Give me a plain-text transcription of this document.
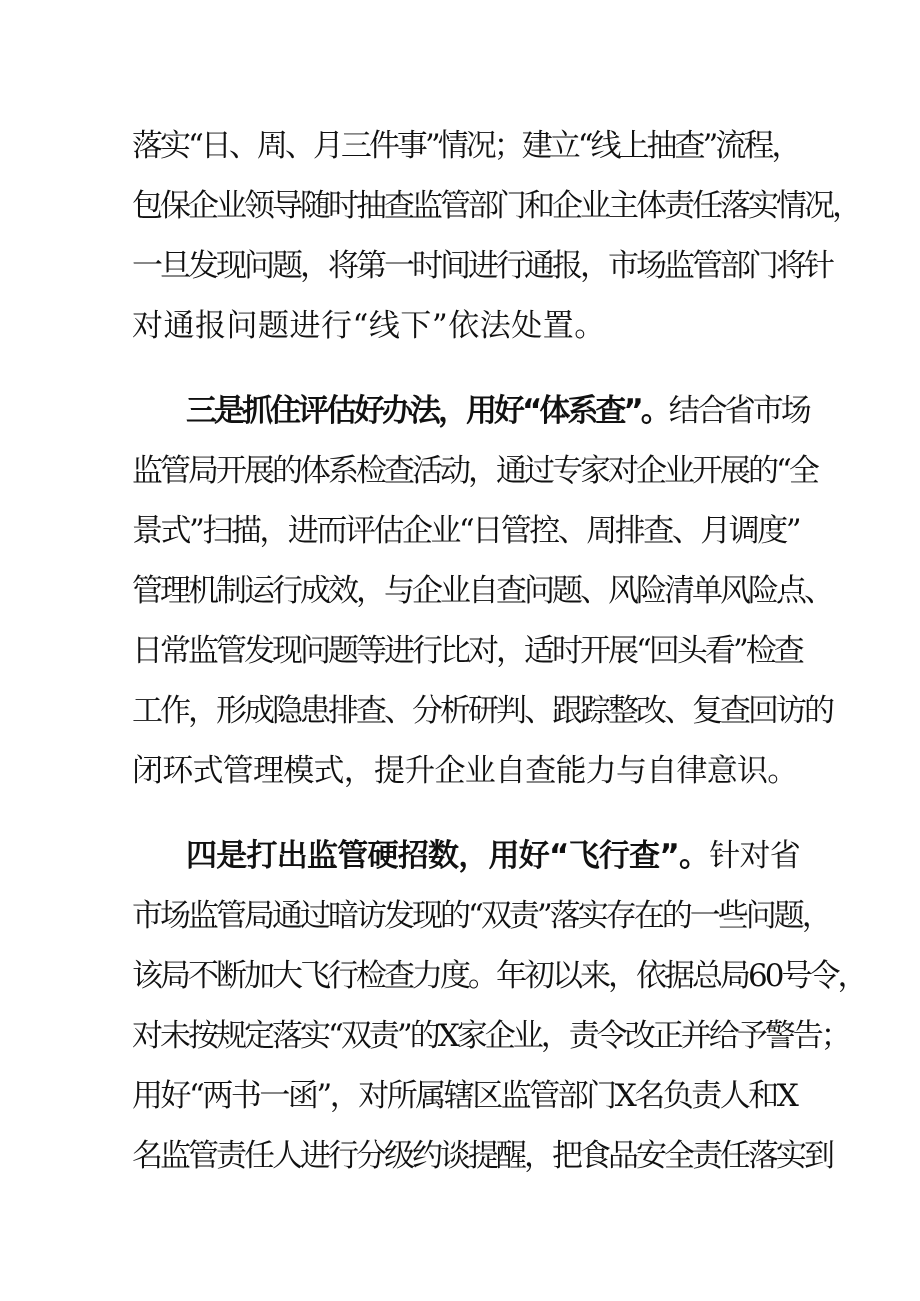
落实“日、周、月三件事”情况；建立“线上抽查”流程，
包保企业领导随时抽查监管部门和企业主体责任落实情况，
一旦发现问题，将第一时间进行通报，市场监管部门将针
对通报问题进行“线下”依法处置。
三是抓住评估好办法，用好“体系查”。结合省市场
监管局开展的体系检查活动，通过专家对企业开展的“全
景式”扫描，进而评估企业“日管控、周排查、月调度”
管理机制运行成效，与企业自查问题、风险清单风险点、
日常监管发现问题等进行比对，适时开展“回头看”检查
工作，形成隐患排查、分析研判、跟踪整改、复查回访的
闭环式管理模式，提升企业自查能力与自律意识。
四是打出监管硬招数，用好“飞行查”。针对省
市场监管局通过暗访发现的“双责”落实存在的一些问题，
该局不断加大飞行检查力度。年初以来，依据总局60号令，
对未按规定落实“双责”的X家企业，责令改正并给予警告；
用好“两书一函”，对所属辖区监管部门X名负责人和X
名监管责任人进行分级约谈提醒，把食品安全责任落实到
